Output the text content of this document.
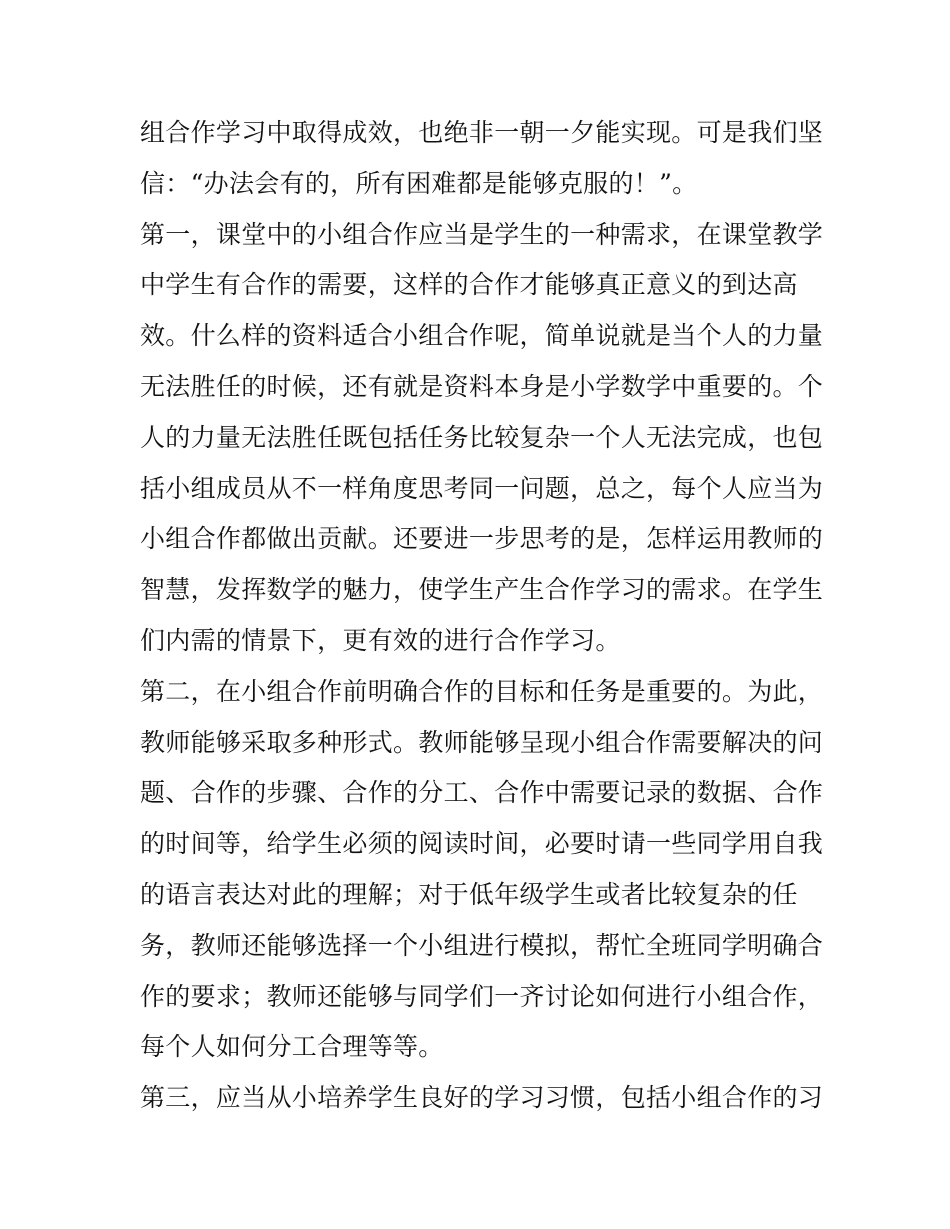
组合作学习中取得成效，也绝非一朝一夕能实现。可是我们坚
信：“办法会有的，所有困难都是能够克服的！”。
第一，课堂中的小组合作应当是学生的一种需求，在课堂教学
中学生有合作的需要，这样的合作才能够真正意义的到达高
效。什么样的资料适合小组合作呢，简单说就是当个人的力量
无法胜任的时候，还有就是资料本身是小学数学中重要的。个
人的力量无法胜任既包括任务比较复杂一个人无法完成，也包
括小组成员从不一样角度思考同一问题，总之，每个人应当为
小组合作都做出贡献。还要进一步思考的是，怎样运用教师的
智慧，发挥数学的魅力，使学生产生合作学习的需求。在学生
们内需的情景下，更有效的进行合作学习。
第二，在小组合作前明确合作的目标和任务是重要的。为此，
教师能够采取多种形式。教师能够呈现小组合作需要解决的问
题、合作的步骤、合作的分工、合作中需要记录的数据、合作
的时间等，给学生必须的阅读时间，必要时请一些同学用自我
的语言表达对此的理解；对于低年级学生或者比较复杂的任
务，教师还能够选择一个小组进行模拟，帮忙全班同学明确合
作的要求；教师还能够与同学们一齐讨论如何进行小组合作，
每个人如何分工合理等等。
第三，应当从小培养学生良好的学习习惯，包括小组合作的习
